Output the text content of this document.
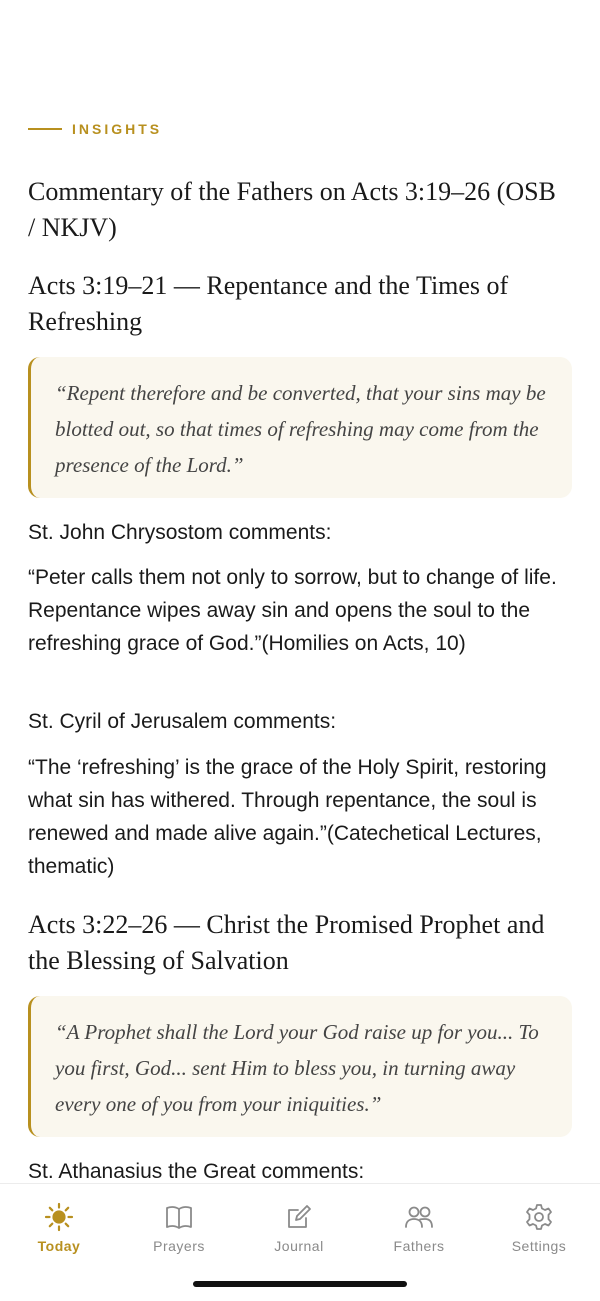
INSIGHTS
Commentary of the Fathers on Acts 3:19–26 (OSB / NKJV)
Acts 3:19–21 — Repentance and the Times of Refreshing
“Repent therefore and be converted, that your sins may be blotted out, so that times of refreshing may come from the presence of the Lord.”
St. John Chrysostom comments:
“Peter calls them not only to sorrow, but to change of life. Repentance wipes away sin and opens the soul to the refreshing grace of God.”(Homilies on Acts, 10)
St. Cyril of Jerusalem comments:
“The ‘refreshing’ is the grace of the Holy Spirit, restoring what sin has withered. Through repentance, the soul is renewed and made alive again.”(Catechetical Lectures, thematic)
Acts 3:22–26 — Christ the Promised Prophet and the Blessing of Salvation
“A Prophet shall the Lord your God raise up for you... To you first, God... sent Him to bless you, in turning away every one of you from your iniquities.”
St. Athanasius the Great comments:
Today	Prayers	Journal	Fathers	Settings
